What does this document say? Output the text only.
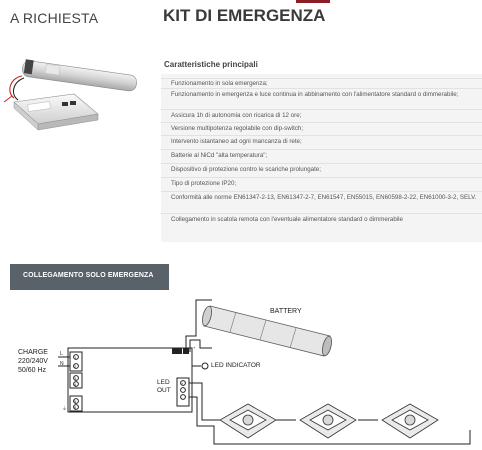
A RICHIESTA	KIT DI EMERGENZA
Caratteristiche principali
Funzionamento in sola emergenza;
Funzionamento in emergenza e luce continua in abbinamento con l'alimentatore standard o dimmerabile;
Assicura 1h di autonomia con ricarica di 12 ore;
Versione multipotenza regolabile con dip-switch;
Intervento istantaneo ad ogni mancanza di rete;
Batterie al NiCd "alta temperatura";
Dispositivo di protezione contro le scariche prolungate;
Tipo di protezione IP20;
Conformità alle norme EN61347-2-13, EN61347-2-7, EN61547, EN55015, EN60598-2-22, EN61000-3-2, SELV.
Collegamento in scatola remota con l'eventuale alimentatore standard o dimmerabile
COLLEGAMENTO SOLO EMERGENZA
BATTERY
CHARGE
220/240V
50/60 Hz
L
N	LED INDICATOR
LED
OUT
1
2
3
4
5
6
+
-
+ -
⏚
